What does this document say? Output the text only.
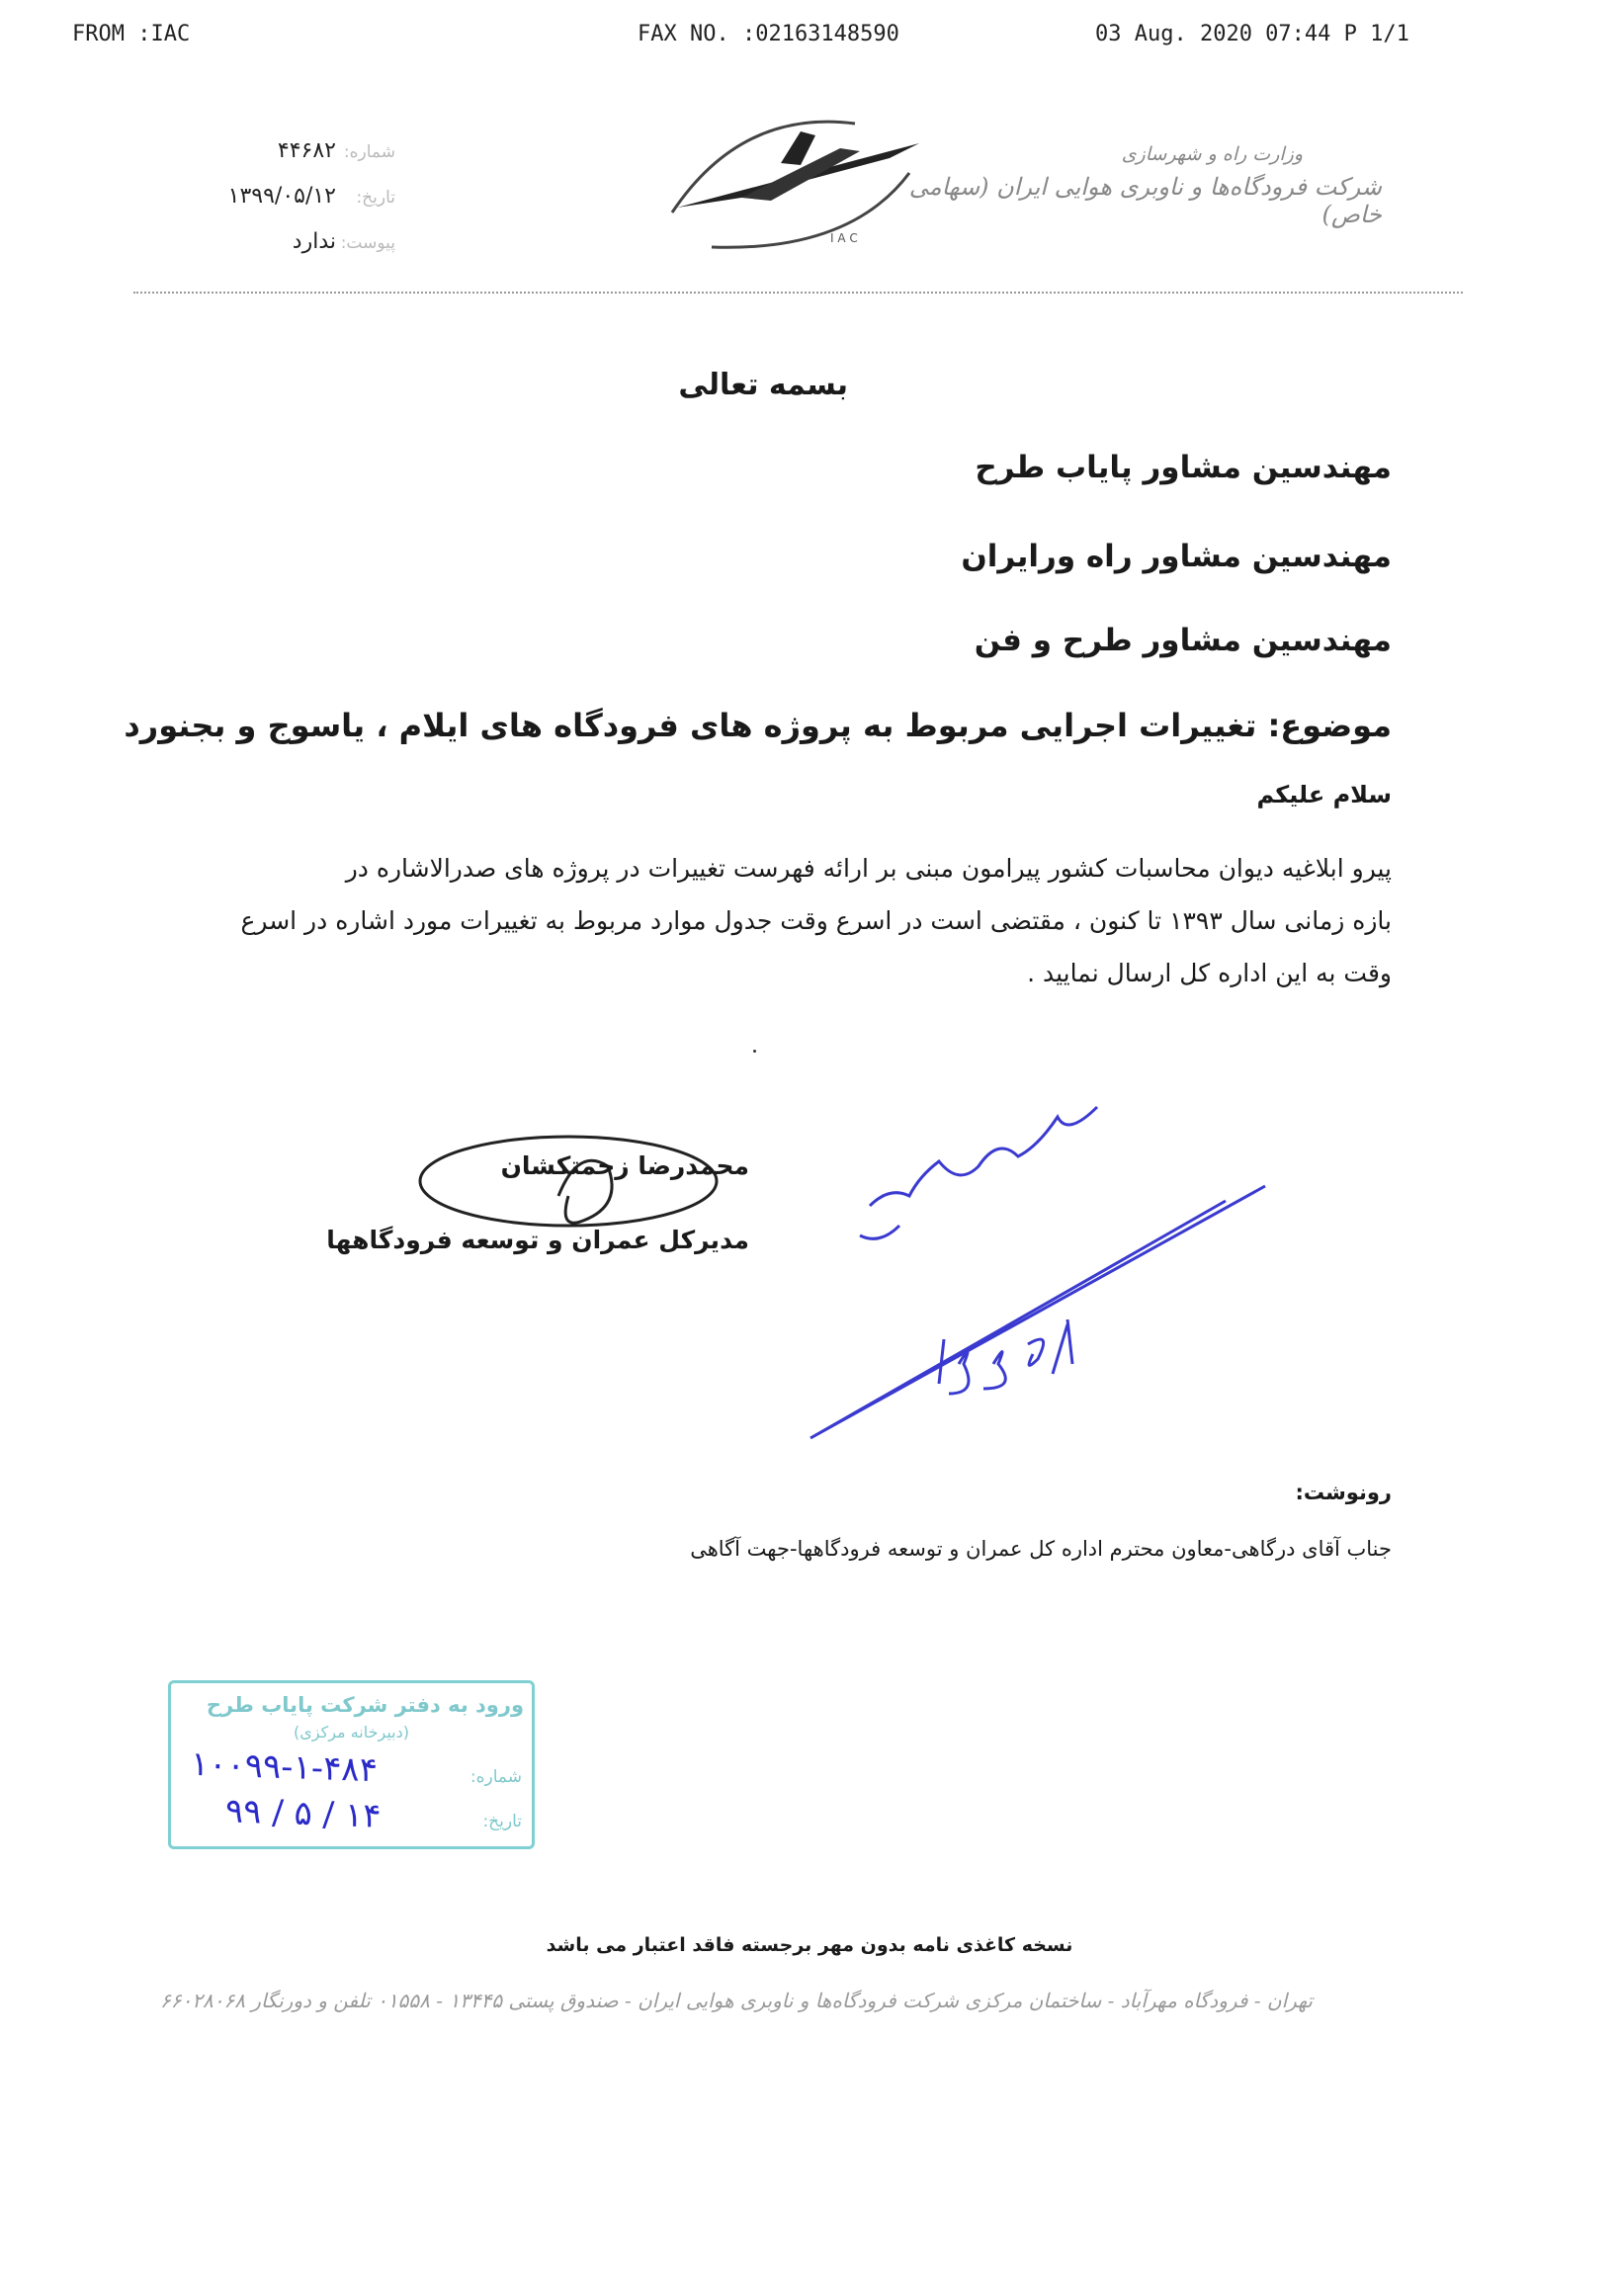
FROM :IAC	FAX NO. :02163148590	03 Aug. 2020 07:44 P 1/1
شماره:
۴۴۶۸۲
تاریخ:
۱۳۹۹/۰۵/۱۲
پیوست:
ندارد	I A C
وزارت راه و شهرسازی
شرکت فرودگاه‌ها و ناوبری هوایی ایران (سهامی خاص)
بسمه تعالی
مهندسین مشاور پایاب طرح
مهندسین مشاور راه ورایران
مهندسین مشاور طرح و فن
موضوع: تغییرات اجرایی مربوط به پروژه های فرودگاه های ایلام ، یاسوج و بجنورد
سلام علیکم

پیرو ابلاغیه دیوان محاسبات کشور پیرامون مبنی بر ارائه فهرست تغییرات در پروژه های صدرالاشاره در

بازه زمانی سال ۱۳۹۳ تا کنون ، مقتضی است در اسرع وقت جدول موارد مربوط به تغییرات مورد اشاره در اسرع

وقت به این اداره کل ارسال نمایید .

محمدرضا زحمتکشان
مدیرکل عمران و توسعه فرودگاهها
رونوشت:
جناب آقای درگاهی-معاون محترم اداره کل عمران و توسعه فرودگاهها-جهت آگاهی
ورود به دفتر شرکت پایاب طرح
(دبیرخانه مرکزی)
شماره:
۱۰۰۹۹-۱-۴۸۴
تاریخ:
۹۹ / ۵ / ۱۴
نسخه کاغذی نامه بدون مهر برجسته فاقد اعتبار می باشد
تهران - فرودگاه مهرآباد - ساختمان مرکزی شرکت فرودگاه‌ها و ناوبری هوایی ایران - صندوق پستی ۱۳۴۴۵ - ۰۱۵۵۸ تلفن و دورنگار ۶۶۰۲۸۰۶۸
